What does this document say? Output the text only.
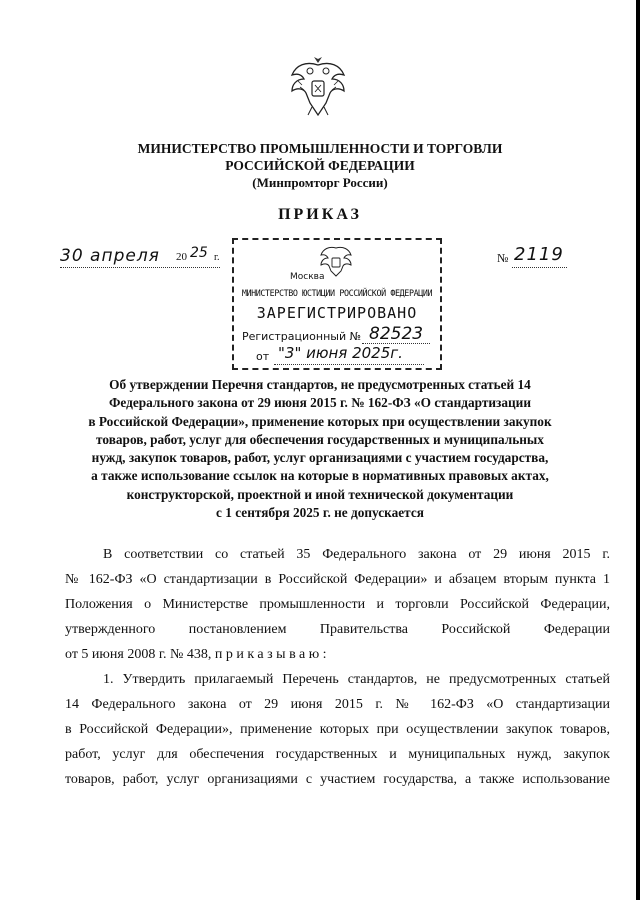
МИНИСТЕРСТВО ПРОМЫШЛЕННОСТИ И ТОРГОВЛИ
РОССИЙСКОЙ ФЕДЕРАЦИИ
(Минпромторг России)
ПРИКАЗ
30 апреля 20 25 г.	№ 2119
Москва
МИНИСТЕРСТВО ЮСТИЦИИ РОССИЙСКОЙ ФЕДЕРАЦИИ
ЗАРЕГИСТРИРОВАНО
Регистрационный № 82523
от "3" июня 2025г.
Об утверждении Перечня стандартов, не предусмотренных статьей 14
Федерального закона от 29 июня 2015 г. № 162-ФЗ «О стандартизации
в Российской Федерации», применение которых при осуществлении закупок
товаров, работ, услуг для обеспечения государственных и муниципальных
нужд, закупок товаров, работ, услуг организациями с участием государства,
а также использование ссылок на которые в нормативных правовых актах,
конструкторской, проектной и иной технической документации
с 1 сентября 2025 г. не допускается
В соответствии со статьей 35 Федерального закона от 29 июня 2015 г.
№ 162-ФЗ «О стандартизации в Российской Федерации» и абзацем вторым пункта 1
Положения о Министерстве промышленности и торговли Российской Федерации,
утвержденного постановлением Правительства Российской Федерации
от 5 июня 2008 г. № 438, приказываю:
1. Утвердить прилагаемый Перечень стандартов, не предусмотренных статьей
14 Федерального закона от 29 июня 2015 г. № 162-ФЗ «О стандартизации
в Российской Федерации», применение которых при осуществлении закупок товаров,
работ, услуг для обеспечения государственных и муниципальных нужд, закупок
товаров, работ, услуг организациями с участием государства, а также использование
